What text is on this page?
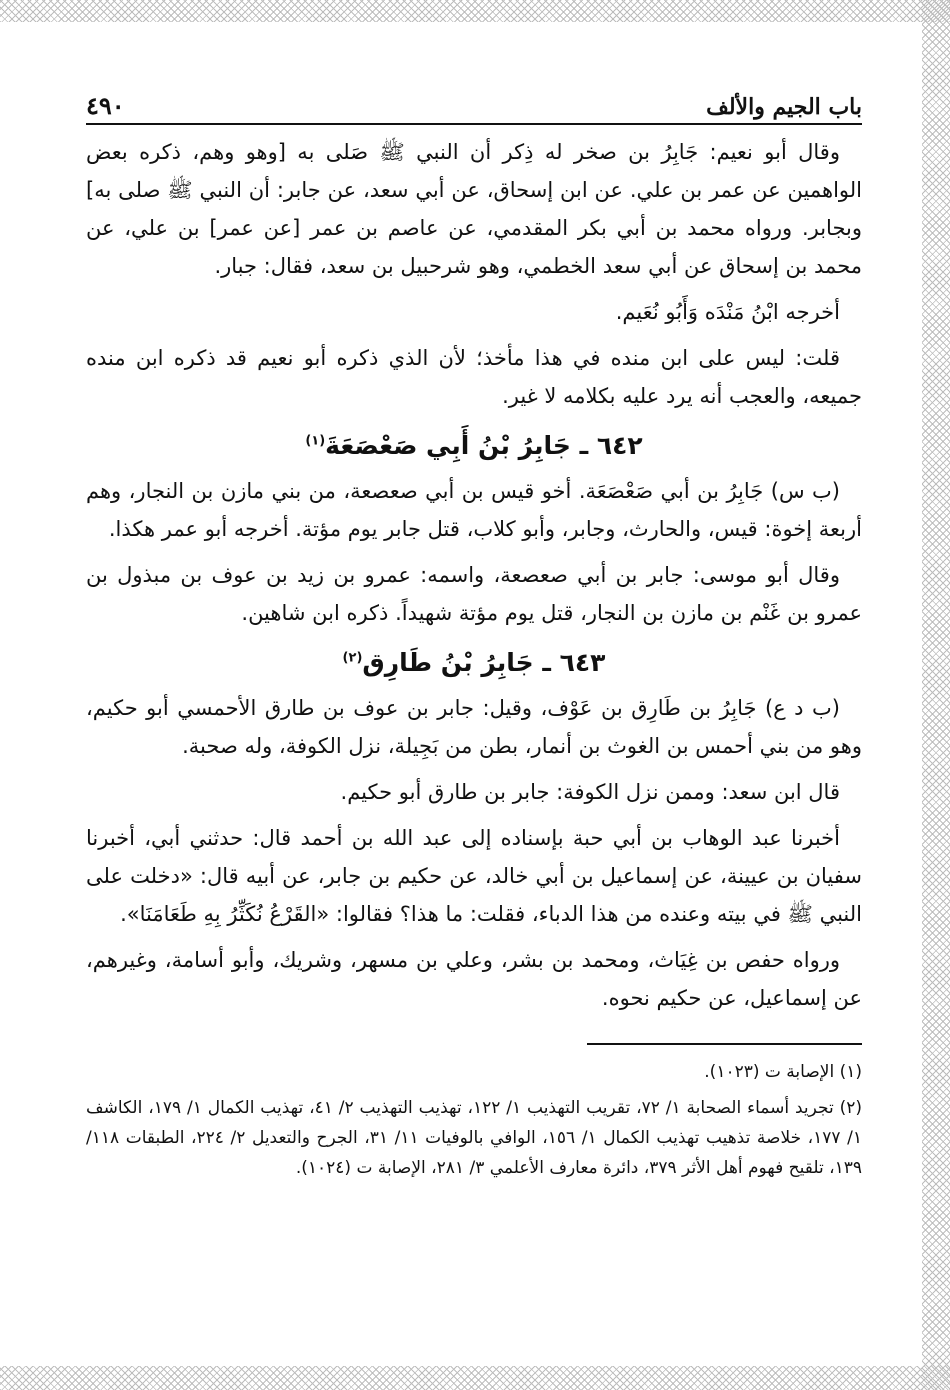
باب الجيم والألف
٤٩٠

وقال أبو نعيم: جَابِرُ بن صخر له ذِكر أن النبي ﷺ صَلى به [وهو وهم، ذكره بعض الواهمين عن عمر بن علي. عن ابن إسحاق، عن أبي سعد، عن جابر: أن النبي ﷺ صلى به] وبجابر. ورواه محمد بن أبي بكر المقدمي، عن عاصم بن عمر [عن عمر] بن علي، عن محمد بن إسحاق عن أبي سعد الخطمي، وهو شرحبيل بن سعد، فقال: جبار.

أخرجه ابْنُ مَنْدَه وَأَبُو نُعَيم.

قلت: ليس على ابن منده في هذا مأخذ؛ لأن الذي ذكره أبو نعيم قد ذكره ابن منده جميعه، والعجب أنه يرد عليه بكلامه لا غير.

٦٤٢ ـ جَابِرُ بْنُ أَبِي صَعْصَعَةَ$^{(١)}$

(ب س) جَابِرُ بن أبي صَعْصَعَة. أخو قيس بن أبي صعصعة، من بني مازن بن النجار، وهم أربعة إخوة: قيس، والحارث، وجابر، وأبو كلاب، قتل جابر يوم مؤتة. أخرجه أبو عمر هكذا.

وقال أبو موسى: جابر بن أبي صعصعة، واسمه: عمرو بن زيد بن عوف بن مبذول بن عمرو بن غَنْم بن مازن بن النجار، قتل يوم مؤتة شهيداً. ذكره ابن شاهين.

٦٤٣ ـ جَابِرُ بْنُ طَارِق$^{(٢)}$

(ب د ع) جَابِرُ بن طَارِق بن عَوْف، وقيل: جابر بن عوف بن طارق الأحمسي أبو حكيم، وهو من بني أحمس بن الغوث بن أنمار، بطن من بَجِيلة، نزل الكوفة، وله صحبة.

قال ابن سعد: وممن نزل الكوفة: جابر بن طارق أبو حكيم.

أخبرنا عبد الوهاب بن أبي حبة بإسناده إلى عبد الله بن أحمد قال: حدثني أبي، أخبرنا سفيان بن عيينة، عن إسماعيل بن أبي خالد، عن حكيم بن جابر، عن أبيه قال: «دخلت على النبي ﷺ في بيته وعنده من هذا الدباء، فقلت: ما هذا؟ فقالوا: «القَرْعُ نُكَثِّرُ بِهِ طَعَامَنَا».

ورواه حفص بن غِيَاث، ومحمد بن بشر، وعلي بن مسهر، وشريك، وأبو أسامة، وغيرهم، عن إسماعيل، عن حكيم نحوه.

(١) الإصابة ت (١٠٢٣).

(٢) تجريد أسماء الصحابة ١/ ٧٢، تقريب التهذيب ١/ ١٢٢، تهذيب التهذيب ٢/ ٤١، تهذيب الكمال ١/ ١٧٩، الكاشف ١/ ١٧٧، خلاصة تذهيب تهذيب الكمال ١/ ١٥٦، الوافي بالوفيات ١١/ ٣١، الجرح والتعديل ٢/ ٢٢٤، الطبقات ١١٨/ ١٣٩، تلقيح فهوم أهل الأثر ٣٧٩، دائرة معارف الأعلمي ٣/ ٢٨١، الإصابة ت (١٠٢٤).
